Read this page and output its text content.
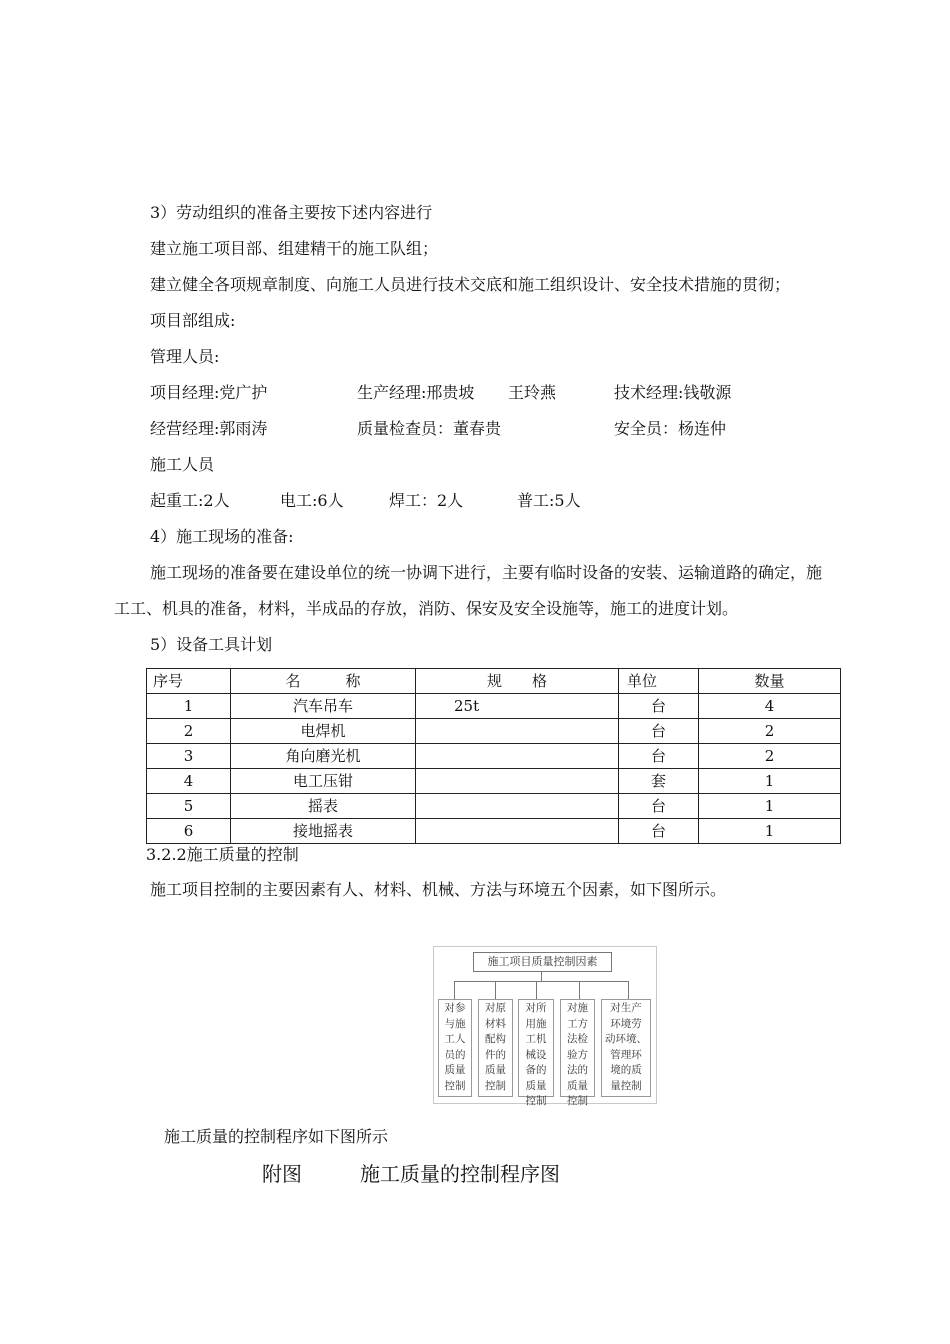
3）劳动组织的准备主要按下述内容进行
建立施工项目部、组建精干的施工队组；
建立健全各项规章制度、向施工人员进行技术交底和施工组织设计、安全技术措施的贯彻；
项目部组成:
管理人员:
项目经理:党广护	生产经理:邢贵坡 王玲燕	技术经理:钱敬源
经营经理:郭雨涛	质量检查员：董春贵	安全员：杨连仲
施工人员
起重工:2人	电工:6人	焊工：2人	普工:5人
4）施工现场的准备:
施工现场的准备要在建设单位的统一协调下进行，主要有临时设备的安装、运输道路的确定，施
工工、机具的准备，材料，半成品的存放，消防、保安及安全设施等，施工的进度计划。
5）设备工具计划
序号	名　　　称	规　　格	单位	数量
1	汽车吊车	25t	台	4
2	电焊机		台	2
3	角向磨光机		台	2
4	电工压钳		套	1
5	摇表		台	1
6	接地摇表		台	1
3.2.2施工质量的控制
施工项目控制的主要因素有人、材料、机械、方法与环境五个因素，如下图所示。
施工项目质量控制因素
对参
与施
工人
员的
质量
控制
对原
材料
配构
件的
质量
控制
对所
用施
工机
械设
备的
质量
控制
对施
工方
法检
验方
法的
质量
控制
对生产
环境劳
动环境、
管理环
境的质
量控制
施工质量的控制程序如下图所示
附图	施工质量的控制程序图
